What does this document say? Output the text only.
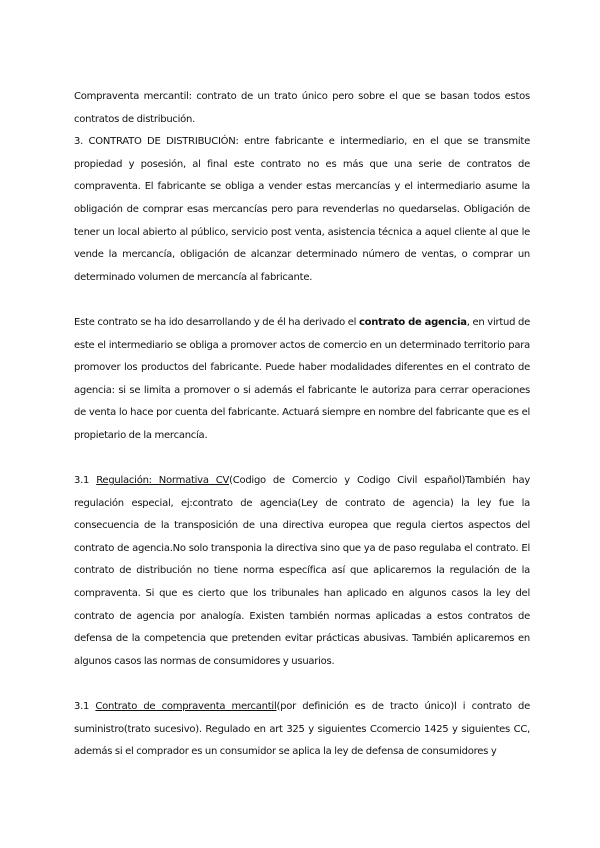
Compraventa mercantil: contrato de un trato único pero sobre el que se basan todos estos contratos de distribución.

3. CONTRATO DE DISTRIBUCIÓN: entre fabricante e intermediario, en el que se transmite propiedad y posesión, al final este contrato no es más que una serie de contratos de compraventa. El fabricante se obliga a vender estas mercancías y el intermediario asume la obligación de comprar esas mercancías pero para revenderlas no quedarselas. Obligación de tener un local abierto al público, servicio post venta, asistencia técnica a aquel cliente al que le vende la mercancía, obligación de alcanzar determinado número de ventas, o comprar un determinado volumen de mercancía al fabricante.

Este contrato se ha ido desarrollando y de él ha derivado el contrato de agencia, en virtud de este el intermediario se obliga a promover actos de comercio en un determinado territorio para promover los productos del fabricante. Puede haber modalidades diferentes en el contrato de agencia: si se limita a promover o si además el fabricante le autoriza para cerrar operaciones de venta lo hace por cuenta del fabricante. Actuará siempre en nombre del fabricante que es el propietario de la mercancía.

3.1 Regulación: Normativa CV(Codigo de Comercio y Codigo Civil español)También hay regulación especial, ej:contrato de agencia(Ley de contrato de agencia) la ley fue la consecuencia de la transposición de una directiva europea que regula ciertos aspectos del contrato de agencia.No solo transponia la directiva sino que ya de paso regulaba el contrato. El contrato de distribución no tiene norma específica así que aplicaremos la regulación de la compraventa. Si que es cierto que los tribunales han aplicado en algunos casos la ley del contrato de agencia por analogía. Existen también normas aplicadas a estos contratos de defensa de la competencia que pretenden evitar prácticas abusivas. También aplicaremos en algunos casos las normas de consumidores y usuarios.

3.1 Contrato de compraventa mercantil(por definición es de tracto único)l i contrato de suministro(trato sucesivo). Regulado en art 325 y siguientes Ccomercio 1425 y siguientes CC, además si el comprador es un consumidor se aplica la ley de defensa de consumidores y
